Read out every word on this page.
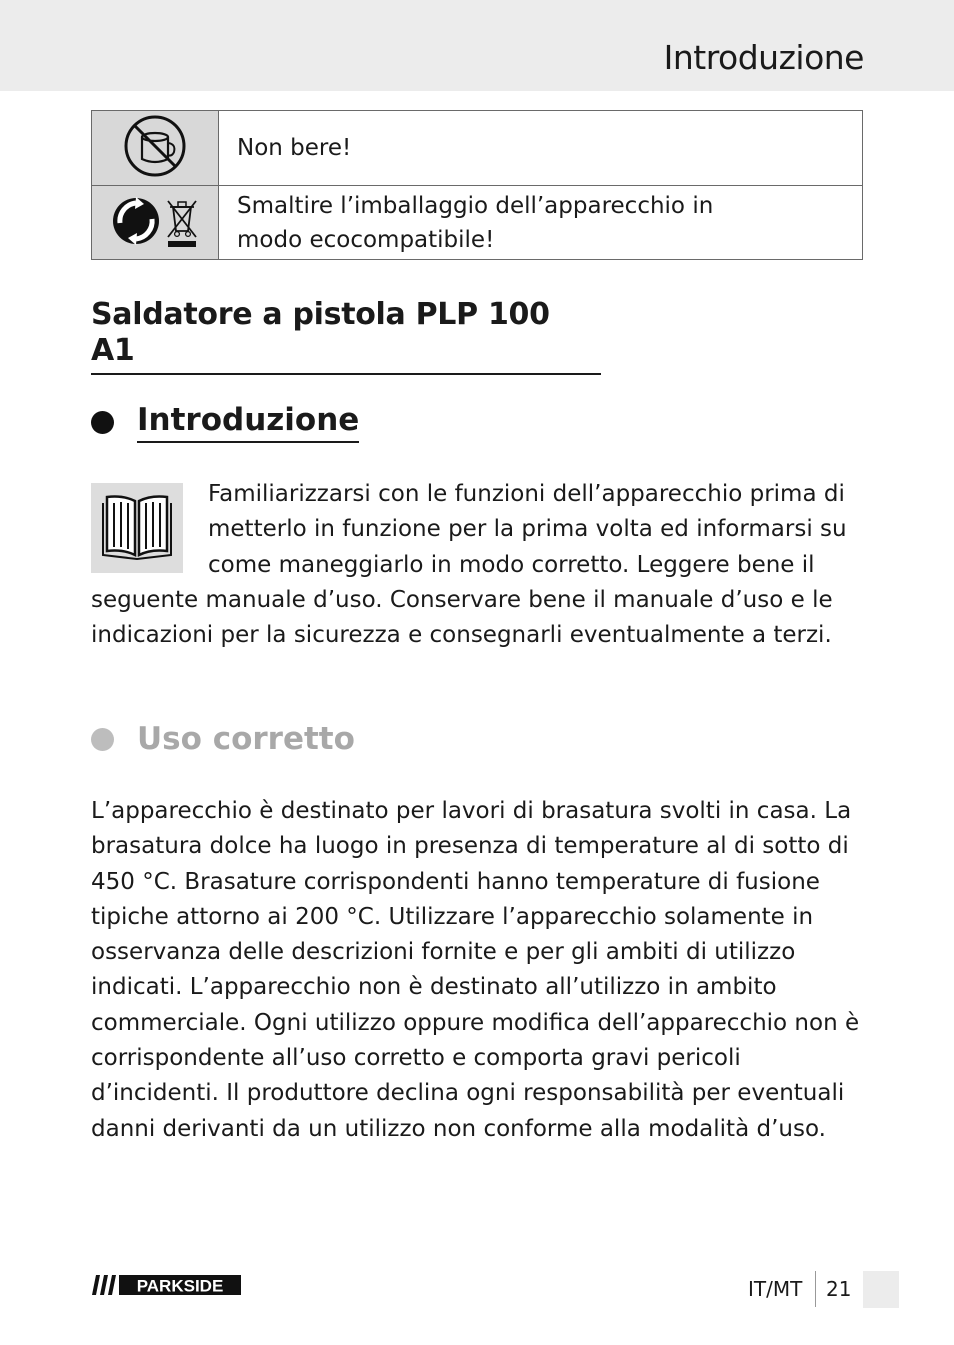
Introduzione
	Non bere!

Smaltire l’imballaggio dell’apparecchio in
modo ecocompatibile!
Saldatore a pistola PLP 100 A1
Introduzione
Familiarizzarsi con le funzioni dell’apparecchio prima di metterlo in funzione per la prima volta ed informarsi su come maneggiarlo in modo corretto. Leggere bene il seguente manuale d’uso. Conservare bene il manuale d’uso e le indicazioni per la sicurezza e consegnarli eventualmente a terzi.
Uso corretto

L’apparecchio è destinato per lavori di brasatura svolti in casa. La brasatura dolce ha luogo in presenza di temperature al di sotto di 450 °C. Brasature corrispondenti hanno temperature di fusione tipiche attorno ai 200 °C. Utilizzare l’apparecchio solamente in osservanza delle descrizioni fornite e per gli ambiti di utilizzo indicati. L’apparecchio non è destinato all’utilizzo in ambito commerciale. Ogni utilizzo oppure modifica dell’apparecchio non è corrispondente all’uso corretto e comporta gravi pericoli d’incidenti. Il produttore declina ogni responsabilità per eventuali danni derivanti da un utilizzo non conforme alla modalità d’uso.

PARKSIDE	IT/MT 21
